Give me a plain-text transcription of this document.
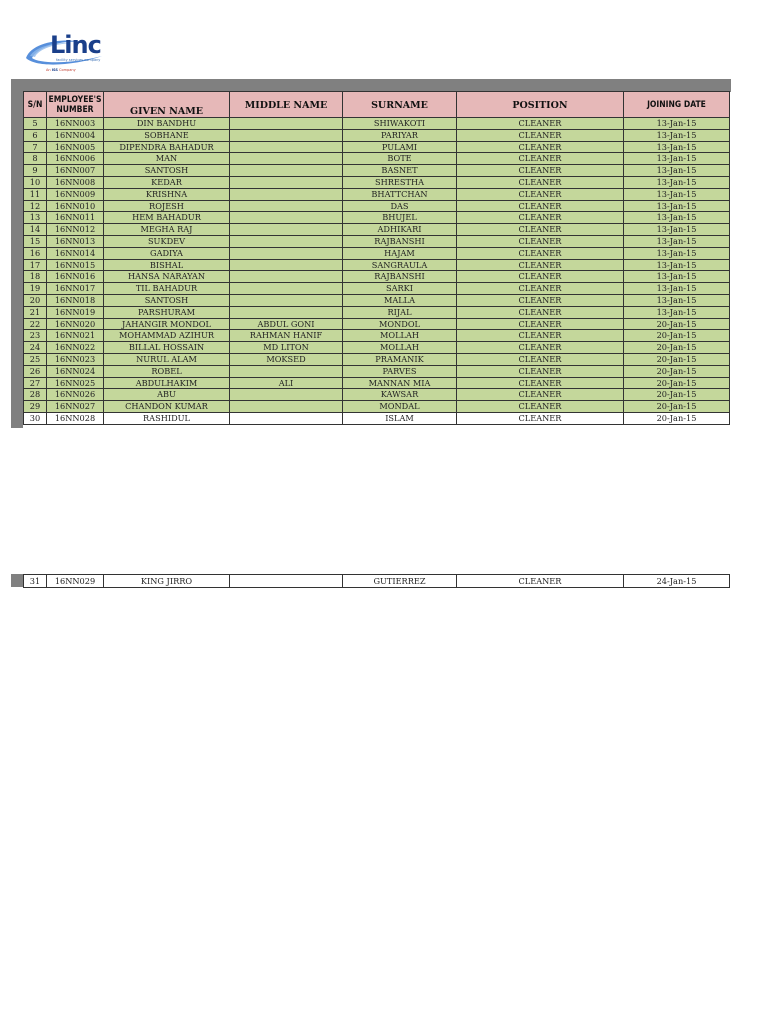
Linc
facility services company
An ISS Company
S/N	EMPLOYEE'S NUMBER	GIVEN NAME	MIDDLE NAME	SURNAME	POSITION	JOINING DATE
5	16NN003	DIN BANDHU		SHIWAKOTI	CLEANER	13-Jan-15
6	16NN004	SOBHANE		PARIYAR	CLEANER	13-Jan-15
7	16NN005	DIPENDRA BAHADUR		PULAMI	CLEANER	13-Jan-15
8	16NN006	MAN		BOTE	CLEANER	13-Jan-15
9	16NN007	SANTOSH		BASNET	CLEANER	13-Jan-15
10	16NN008	KEDAR		SHRESTHA	CLEANER	13-Jan-15
11	16NN009	KRISHNA		BHATTCHAN	CLEANER	13-Jan-15
12	16NN010	ROJESH		DAS	CLEANER	13-Jan-15
13	16NN011	HEM BAHADUR		BHUJEL	CLEANER	13-Jan-15
14	16NN012	MEGHA RAJ		ADHIKARI	CLEANER	13-Jan-15
15	16NN013	SUKDEV		RAJBANSHI	CLEANER	13-Jan-15
16	16NN014	GADIYA		HAJAM	CLEANER	13-Jan-15
17	16NN015	BISHAL		SANGRAULA	CLEANER	13-Jan-15
18	16NN016	HANSA NARAYAN		RAJBANSHI	CLEANER	13-Jan-15
19	16NN017	TIL BAHADUR		SARKI	CLEANER	13-Jan-15
20	16NN018	SANTOSH		MALLA	CLEANER	13-Jan-15
21	16NN019	PARSHURAM		RIJAL	CLEANER	13-Jan-15
22	16NN020	JAHANGIR MONDOL	ABDUL GONI	MONDOL	CLEANER	20-Jan-15
23	16NN021	MOHAMMAD AZIHUR	RAHMAN HANIF	MOLLAH	CLEANER	20-Jan-15
24	16NN022	BILLAL HOSSAIN	MD LITON	MOLLAH	CLEANER	20-Jan-15
25	16NN023	NURUL ALAM	MOKSED	PRAMANIK	CLEANER	20-Jan-15
26	16NN024	ROBEL		PARVES	CLEANER	20-Jan-15
27	16NN025	ABDULHAKIM	ALI	MANNAN MIA	CLEANER	20-Jan-15
28	16NN026	ABU		KAWSAR	CLEANER	20-Jan-15
29	16NN027	CHANDON KUMAR		MONDAL	CLEANER	20-Jan-15
30	16NN028	RASHIDUL		ISLAM	CLEANER	20-Jan-15
31	16NN029	KING JIRRO		GUTIERREZ	CLEANER	24-Jan-15
